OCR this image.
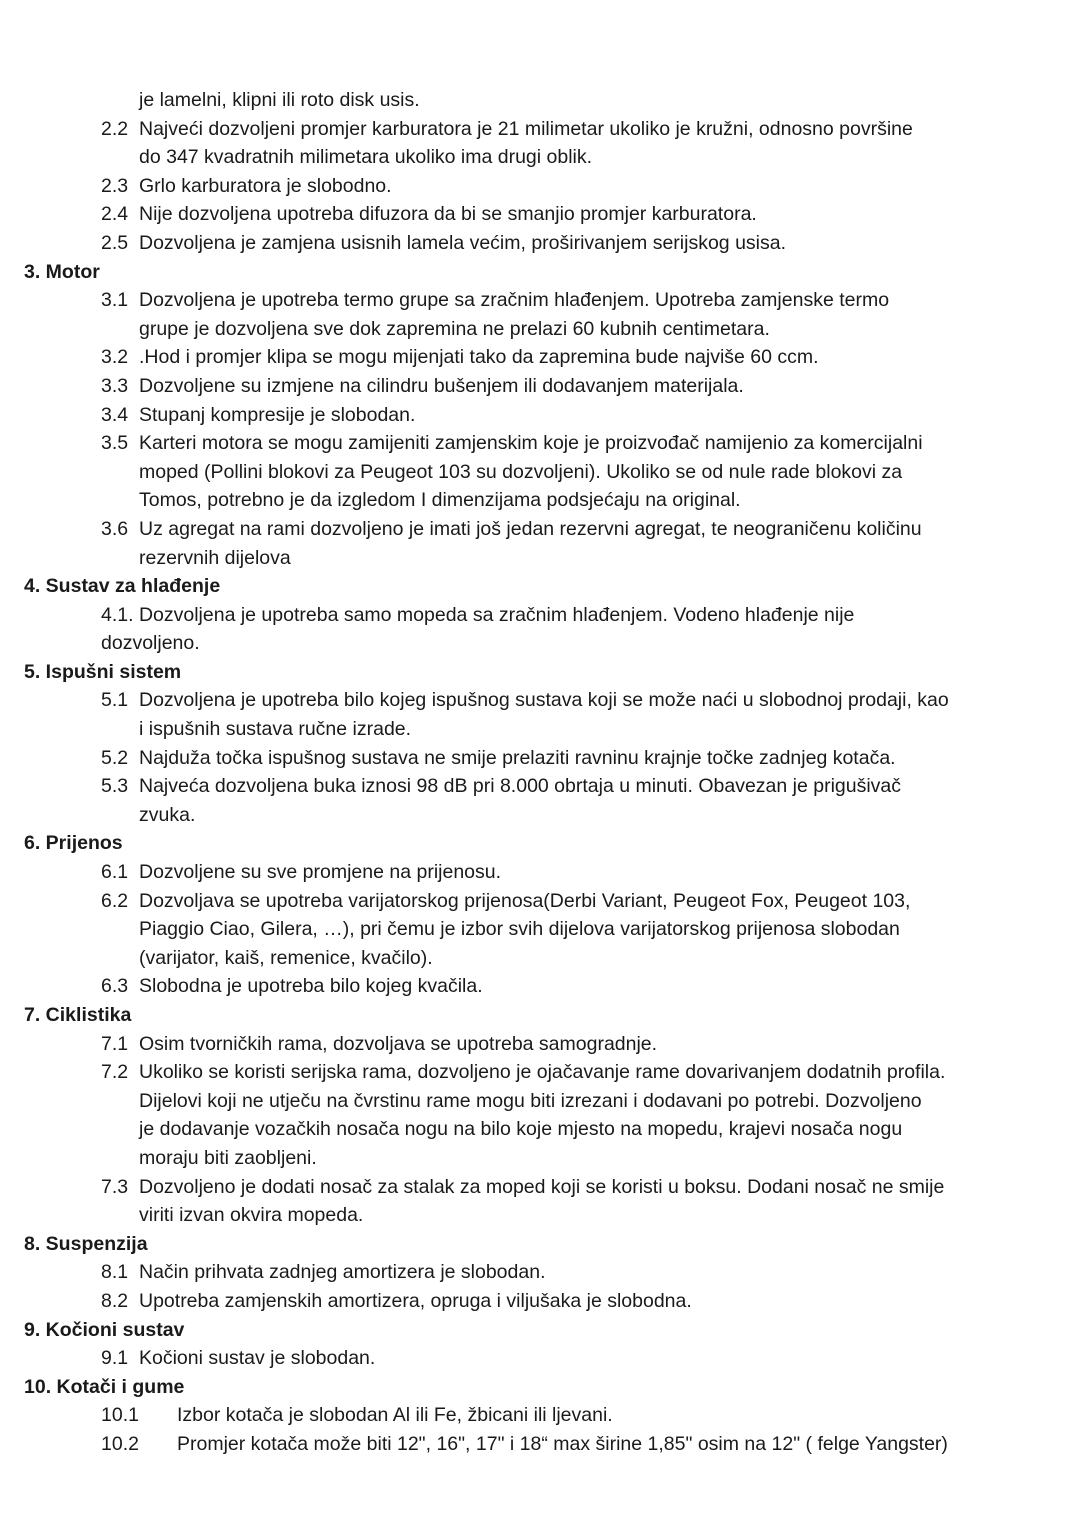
je lamelni, klipni ili roto disk usis.
2.2 Najveći dozvoljeni promjer karburatora je 21 milimetar ukoliko je kružni, odnosno površine
do 347 kvadratnih milimetara ukoliko ima drugi oblik.
2.3 Grlo karburatora je slobodno.
2.4 Nije dozvoljena upotreba difuzora da bi se smanjio promjer karburatora.
2.5 Dozvoljena je zamjena usisnih lamela većim, proširivanjem serijskog usisa.
3. Motor
3.1 Dozvoljena je upotreba termo grupe sa zračnim hlađenjem. Upotreba zamjenske termo
grupe je dozvoljena sve dok zapremina ne prelazi 60 kubnih centimetara.
3.2 .Hod i promjer klipa se mogu mijenjati tako da zapremina bude najviše 60 ccm.
3.3 Dozvoljene su izmjene na cilindru bušenjem ili dodavanjem materijala.
3.4 Stupanj kompresije je slobodan.
3.5 Karteri motora se mogu zamijeniti zamjenskim koje je proizvođač namijenio za komercijalni
moped (Pollini blokovi za Peugeot 103 su dozvoljeni). Ukoliko se od nule rade blokovi za
Tomos, potrebno je da izgledom I dimenzijama podsjećaju na original.
3.6 Uz agregat na rami dozvoljeno je imati još jedan rezervni agregat, te neograničenu količinu
rezervnih dijelova
4. Sustav za hlađenje
4.1. Dozvoljena je upotreba samo mopeda sa zračnim hlađenjem. Vodeno hlađenje nije
dozvoljeno.
5. Ispušni sistem
5.1 Dozvoljena je upotreba bilo kojeg ispušnog sustava koji se može naći u slobodnoj prodaji, kao
i ispušnih sustava ručne izrade.
5.2 Najduža točka ispušnog sustava ne smije prelaziti ravninu krajnje točke zadnjeg kotača.
5.3 Najveća dozvoljena buka iznosi 98 dB pri 8.000 obrtaja u minuti. Obavezan je prigušivač
zvuka.
6. Prijenos
6.1 Dozvoljene su sve promjene na prijenosu.
6.2 Dozvoljava se upotreba varijatorskog prijenosa(Derbi Variant, Peugeot Fox, Peugeot 103,
Piaggio Ciao, Gilera, …), pri čemu je izbor svih dijelova varijatorskog prijenosa slobodan
(varijator, kaiš, remenice, kvačilo).
6.3 Slobodna je upotreba bilo kojeg kvačila.
7. Ciklistika
7.1 Osim tvorničkih rama, dozvoljava se upotreba samogradnje.
7.2 Ukoliko se koristi serijska rama, dozvoljeno je ojačavanje rame dovarivanjem dodatnih profila.
Dijelovi koji ne utječu na čvrstinu rame mogu biti izrezani i dodavani po potrebi. Dozvoljeno
je dodavanje vozačkih nosača nogu na bilo koje mjesto na mopedu, krajevi nosača nogu
moraju biti zaobljeni.
7.3 Dozvoljeno je dodati nosač za stalak za moped koji se koristi u boksu. Dodani nosač ne smije
viriti izvan okvira mopeda.
8. Suspenzija
8.1 Način prihvata zadnjeg amortizera je slobodan.
8.2 Upotreba zamjenskih amortizera, opruga i viljušaka je slobodna.
9. Kočioni sustav
9.1 Kočioni sustav je slobodan.
10. Kotači i gume
10.1 Izbor kotača je slobodan Al ili Fe, žbicani ili ljevani.
10.2 Promjer kotača može biti 12", 16", 17" i 18“ max širine 1,85" osim na 12" ( felge Yangster)
